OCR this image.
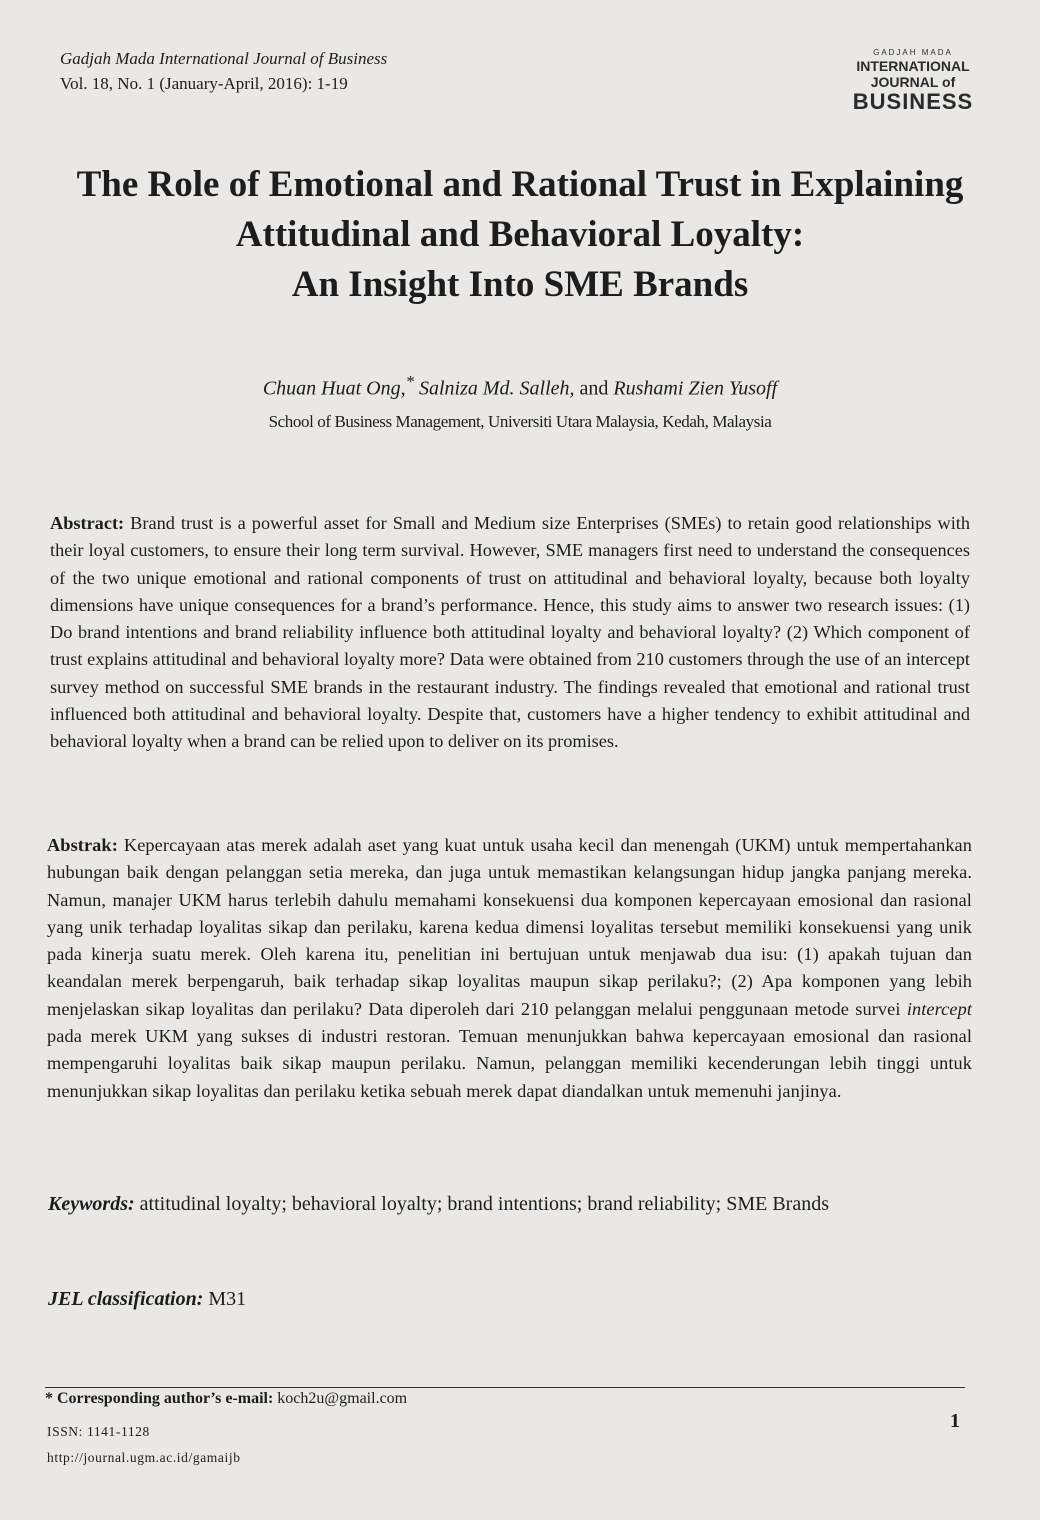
Gadjah Mada International Journal of Business
Vol. 18, No. 1 (January-April, 2016): 1-19
GADJAH MADA
INTERNATIONAL
JOURNAL of
BUSINESS
The Role of Emotional and Rational Trust in Explaining
Attitudinal and Behavioral Loyalty:
An Insight Into SME Brands
Chuan Huat Ong,* Salniza Md. Salleh, and Rushami Zien Yusoff
School of Business Management, Universiti Utara Malaysia, Kedah, Malaysia
Abstract: Brand trust is a powerful asset for Small and Medium size Enterprises (SMEs) to retain good relationships with their loyal customers, to ensure their long term survival. However, SME managers first need to understand the consequences of the two unique emotional and rational components of trust on attitudinal and behavioral loyalty, because both loyalty dimensions have unique consequences for a brand’s performance. Hence, this study aims to answer two research issues: (1) Do brand intentions and brand reliability influence both attitudinal loyalty and behavioral loyalty? (2) Which component of trust explains attitudinal and behavioral loyalty more? Data were obtained from 210 customers through the use of an intercept survey method on successful SME brands in the restaurant industry. The findings revealed that emotional and rational trust influenced both attitudinal and behavioral loyalty. Despite that, customers have a higher tendency to exhibit attitudinal and behavioral loyalty when a brand can be relied upon to deliver on its promises.
Abstrak: Kepercayaan atas merek adalah aset yang kuat untuk usaha kecil dan menengah (UKM) untuk mempertahankan hubungan baik dengan pelanggan setia mereka, dan juga untuk memastikan kelangsungan hidup jangka panjang mereka. Namun, manajer UKM harus terlebih dahulu memahami konsekuensi dua komponen kepercayaan emosional dan rasional yang unik terhadap loyalitas sikap dan perilaku, karena kedua dimensi loyalitas tersebut memiliki konsekuensi yang unik pada kinerja suatu merek. Oleh karena itu, penelitian ini bertujuan untuk menjawab dua isu: (1) apakah tujuan dan keandalan merek berpengaruh, baik terhadap sikap loyalitas maupun sikap perilaku?; (2) Apa komponen yang lebih menjelaskan sikap loyalitas dan perilaku? Data diperoleh dari 210 pelanggan melalui penggunaan metode survei intercept pada merek UKM yang sukses di industri restoran. Temuan menunjukkan bahwa kepercayaan emosional dan rasional mempengaruhi loyalitas baik sikap maupun perilaku. Namun, pelanggan memiliki kecenderungan lebih tinggi untuk menunjukkan sikap loyalitas dan perilaku ketika sebuah merek dapat diandalkan untuk memenuhi janjinya.
Keywords: attitudinal loyalty; behavioral loyalty; brand intentions; brand reliability; SME Brands
JEL classification: M31
* Corresponding author’s e-mail: koch2u@gmail.com
ISSN: 1141-1128
http://journal.ugm.ac.id/gamaijb
1
